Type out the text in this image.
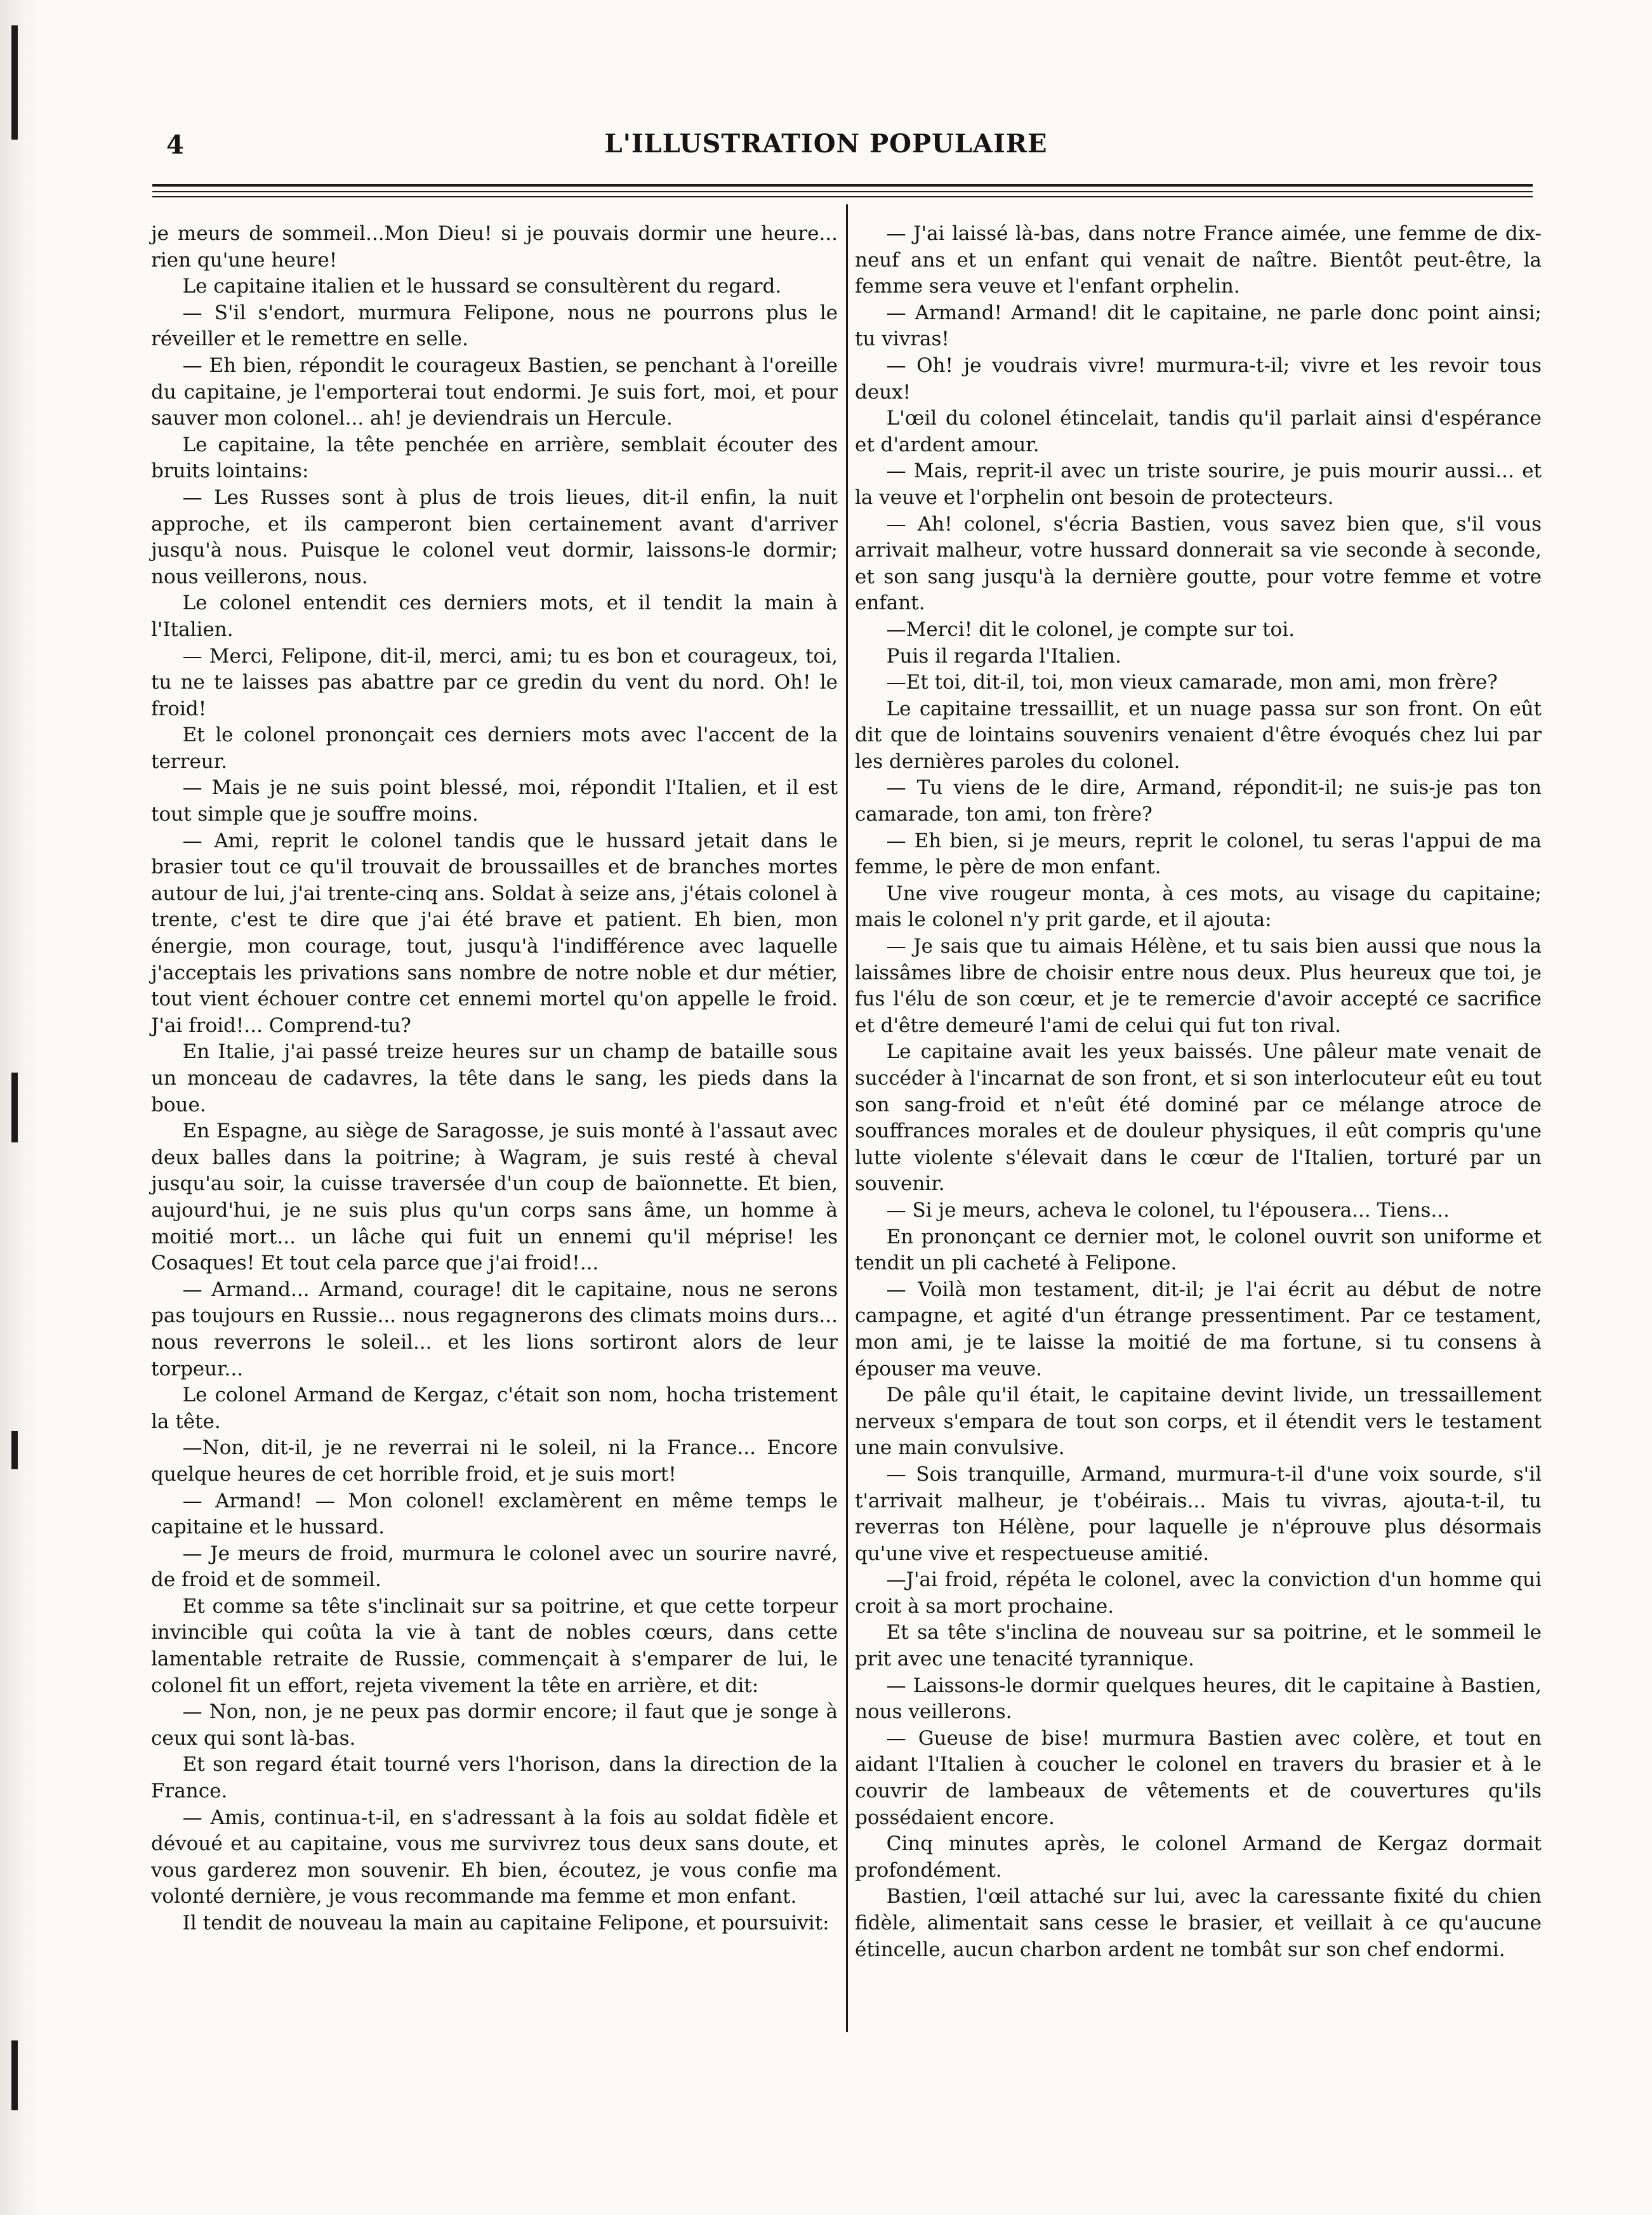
4	L'ILLUSTRATION POPULAIRE

je meurs de sommeil...Mon Dieu! si je pouvais dormir une heure... rien qu'une heure!

Le capitaine italien et le hussard se consultèrent du regard.

— S'il s'endort, murmura Felipone, nous ne pourrons plus le réveiller et le remettre en selle.

— Eh bien, répondit le courageux Bastien, se penchant à l'oreille du capitaine, je l'emporterai tout endormi. Je suis fort, moi, et pour sauver mon colonel... ah! je deviendrais un Hercule.

Le capitaine, la tête penchée en arrière, semblait écouter des bruits lointains:

— Les Russes sont à plus de trois lieues, dit-il enfin, la nuit approche, et ils camperont bien certainement avant d'arriver jusqu'à nous. Puisque le colonel veut dormir, laissons-le dormir; nous veillerons, nous.

Le colonel entendit ces derniers mots, et il tendit la main à l'Italien.

— Merci, Felipone, dit-il, merci, ami; tu es bon et courageux, toi, tu ne te laisses pas abattre par ce gredin du vent du nord. Oh! le froid!

Et le colonel prononçait ces derniers mots avec l'accent de la terreur.

— Mais je ne suis point blessé, moi, répondit l'Italien, et il est tout simple que je souffre moins.

— Ami, reprit le colonel tandis que le hussard jetait dans le brasier tout ce qu'il trouvait de broussailles et de branches mortes autour de lui, j'ai trente-cinq ans. Soldat à seize ans, j'étais colonel à trente, c'est te dire que j'ai été brave et patient. Eh bien, mon énergie, mon courage, tout, jusqu'à l'indifférence avec laquelle j'acceptais les privations sans nombre de notre noble et dur métier, tout vient échouer contre cet ennemi mortel qu'on appelle le froid. J'ai froid!... Comprend-tu?

En Italie, j'ai passé treize heures sur un champ de bataille sous un monceau de cadavres, la tête dans le sang, les pieds dans la boue.

En Espagne, au siège de Saragosse, je suis monté à l'assaut avec deux balles dans la poitrine; à Wagram, je suis resté à cheval jusqu'au soir, la cuisse traversée d'un coup de baïonnette. Et bien, aujourd'hui, je ne suis plus qu'un corps sans âme, un homme à moitié mort... un lâche qui fuit un ennemi qu'il méprise! les Cosaques! Et tout cela parce que j'ai froid!...

— Armand... Armand, courage! dit le capitaine, nous ne serons pas toujours en Russie... nous regagnerons des climats moins durs... nous reverrons le soleil... et les lions sortiront alors de leur torpeur...

Le colonel Armand de Kergaz, c'était son nom, hocha tristement la tête.

—Non, dit-il, je ne reverrai ni le soleil, ni la France... Encore quelque heures de cet horrible froid, et je suis mort!

— Armand! — Mon colonel! exclamèrent en même temps le capitaine et le hussard.

— Je meurs de froid, murmura le colonel avec un sourire navré, de froid et de sommeil.

Et comme sa tête s'inclinait sur sa poitrine, et que cette torpeur invincible qui coûta la vie à tant de nobles cœurs, dans cette lamentable retraite de Russie, commençait à s'emparer de lui, le colonel fit un effort, rejeta vivement la tête en arrière, et dit:

— Non, non, je ne peux pas dormir encore; il faut que je songe à ceux qui sont là-bas.

Et son regard était tourné vers l'horison, dans la direction de la France.

— Amis, continua-t-il, en s'adressant à la fois au soldat fidèle et dévoué et au capitaine, vous me survivrez tous deux sans doute, et vous garderez mon souvenir. Eh bien, écoutez, je vous confie ma volonté dernière, je vous recommande ma femme et mon enfant.

Il tendit de nouveau la main au capitaine Felipone, et poursuivit:

— J'ai laissé là-bas, dans notre France aimée, une femme de dix-neuf ans et un enfant qui venait de naître. Bientôt peut-être, la femme sera veuve et l'enfant orphelin.

— Armand! Armand! dit le capitaine, ne parle donc point ainsi; tu vivras!

— Oh! je voudrais vivre! murmura-t-il; vivre et les revoir tous deux!

L'œil du colonel étincelait, tandis qu'il parlait ainsi d'espérance et d'ardent amour.

— Mais, reprit-il avec un triste sourire, je puis mourir aussi... et la veuve et l'orphelin ont besoin de protecteurs.

— Ah! colonel, s'écria Bastien, vous savez bien que, s'il vous arrivait malheur, votre hussard donnerait sa vie seconde à seconde, et son sang jusqu'à la dernière goutte, pour votre femme et votre enfant.

—Merci! dit le colonel, je compte sur toi.

Puis il regarda l'Italien.

—Et toi, dit-il, toi, mon vieux camarade, mon ami, mon frère?

Le capitaine tressaillit, et un nuage passa sur son front. On eût dit que de lointains souvenirs venaient d'être évoqués chez lui par les dernières paroles du colonel.

— Tu viens de le dire, Armand, répondit-il; ne suis-je pas ton camarade, ton ami, ton frère?

— Eh bien, si je meurs, reprit le colonel, tu seras l'appui de ma femme, le père de mon enfant.

Une vive rougeur monta, à ces mots, au visage du capitaine; mais le colonel n'y prit garde, et il ajouta:

— Je sais que tu aimais Hélène, et tu sais bien aussi que nous la laissâmes libre de choisir entre nous deux. Plus heureux que toi, je fus l'élu de son cœur, et je te remercie d'avoir accepté ce sacrifice et d'être demeuré l'ami de celui qui fut ton rival.

Le capitaine avait les yeux baissés. Une pâleur mate venait de succéder à l'incarnat de son front, et si son interlocuteur eût eu tout son sang-froid et n'eût été dominé par ce mélange atroce de souffrances morales et de douleur physiques, il eût compris qu'une lutte violente s'élevait dans le cœur de l'Italien, torturé par un souvenir.

— Si je meurs, acheva le colonel, tu l'épousera... Tiens...

En prononçant ce dernier mot, le colonel ouvrit son uniforme et tendit un pli cacheté à Felipone.

— Voilà mon testament, dit-il; je l'ai écrit au début de notre campagne, et agité d'un étrange pressentiment. Par ce testament, mon ami, je te laisse la moitié de ma fortune, si tu consens à épouser ma veuve.

De pâle qu'il était, le capitaine devint livide, un tressaillement nerveux s'empara de tout son corps, et il étendit vers le testament une main convulsive.

— Sois tranquille, Armand, murmura-t-il d'une voix sourde, s'il t'arrivait malheur, je t'obéirais... Mais tu vivras, ajouta-t-il, tu reverras ton Hélène, pour laquelle je n'éprouve plus désormais qu'une vive et respectueuse amitié.

—J'ai froid, répéta le colonel, avec la conviction d'un homme qui croit à sa mort prochaine.

Et sa tête s'inclina de nouveau sur sa poitrine, et le sommeil le prit avec une tenacité tyrannique.

— Laissons-le dormir quelques heures, dit le capitaine à Bastien, nous veillerons.

— Gueuse de bise! murmura Bastien avec colère, et tout en aidant l'Italien à coucher le colonel en travers du brasier et à le couvrir de lambeaux de vêtements et de couvertures qu'ils possédaient encore.

Cinq minutes après, le colonel Armand de Kergaz dormait profondément.

Bastien, l'œil attaché sur lui, avec la caressante fixité du chien fidèle, alimentait sans cesse le brasier, et veillait à ce qu'aucune étincelle, aucun charbon ardent ne tombât sur son chef endormi.
